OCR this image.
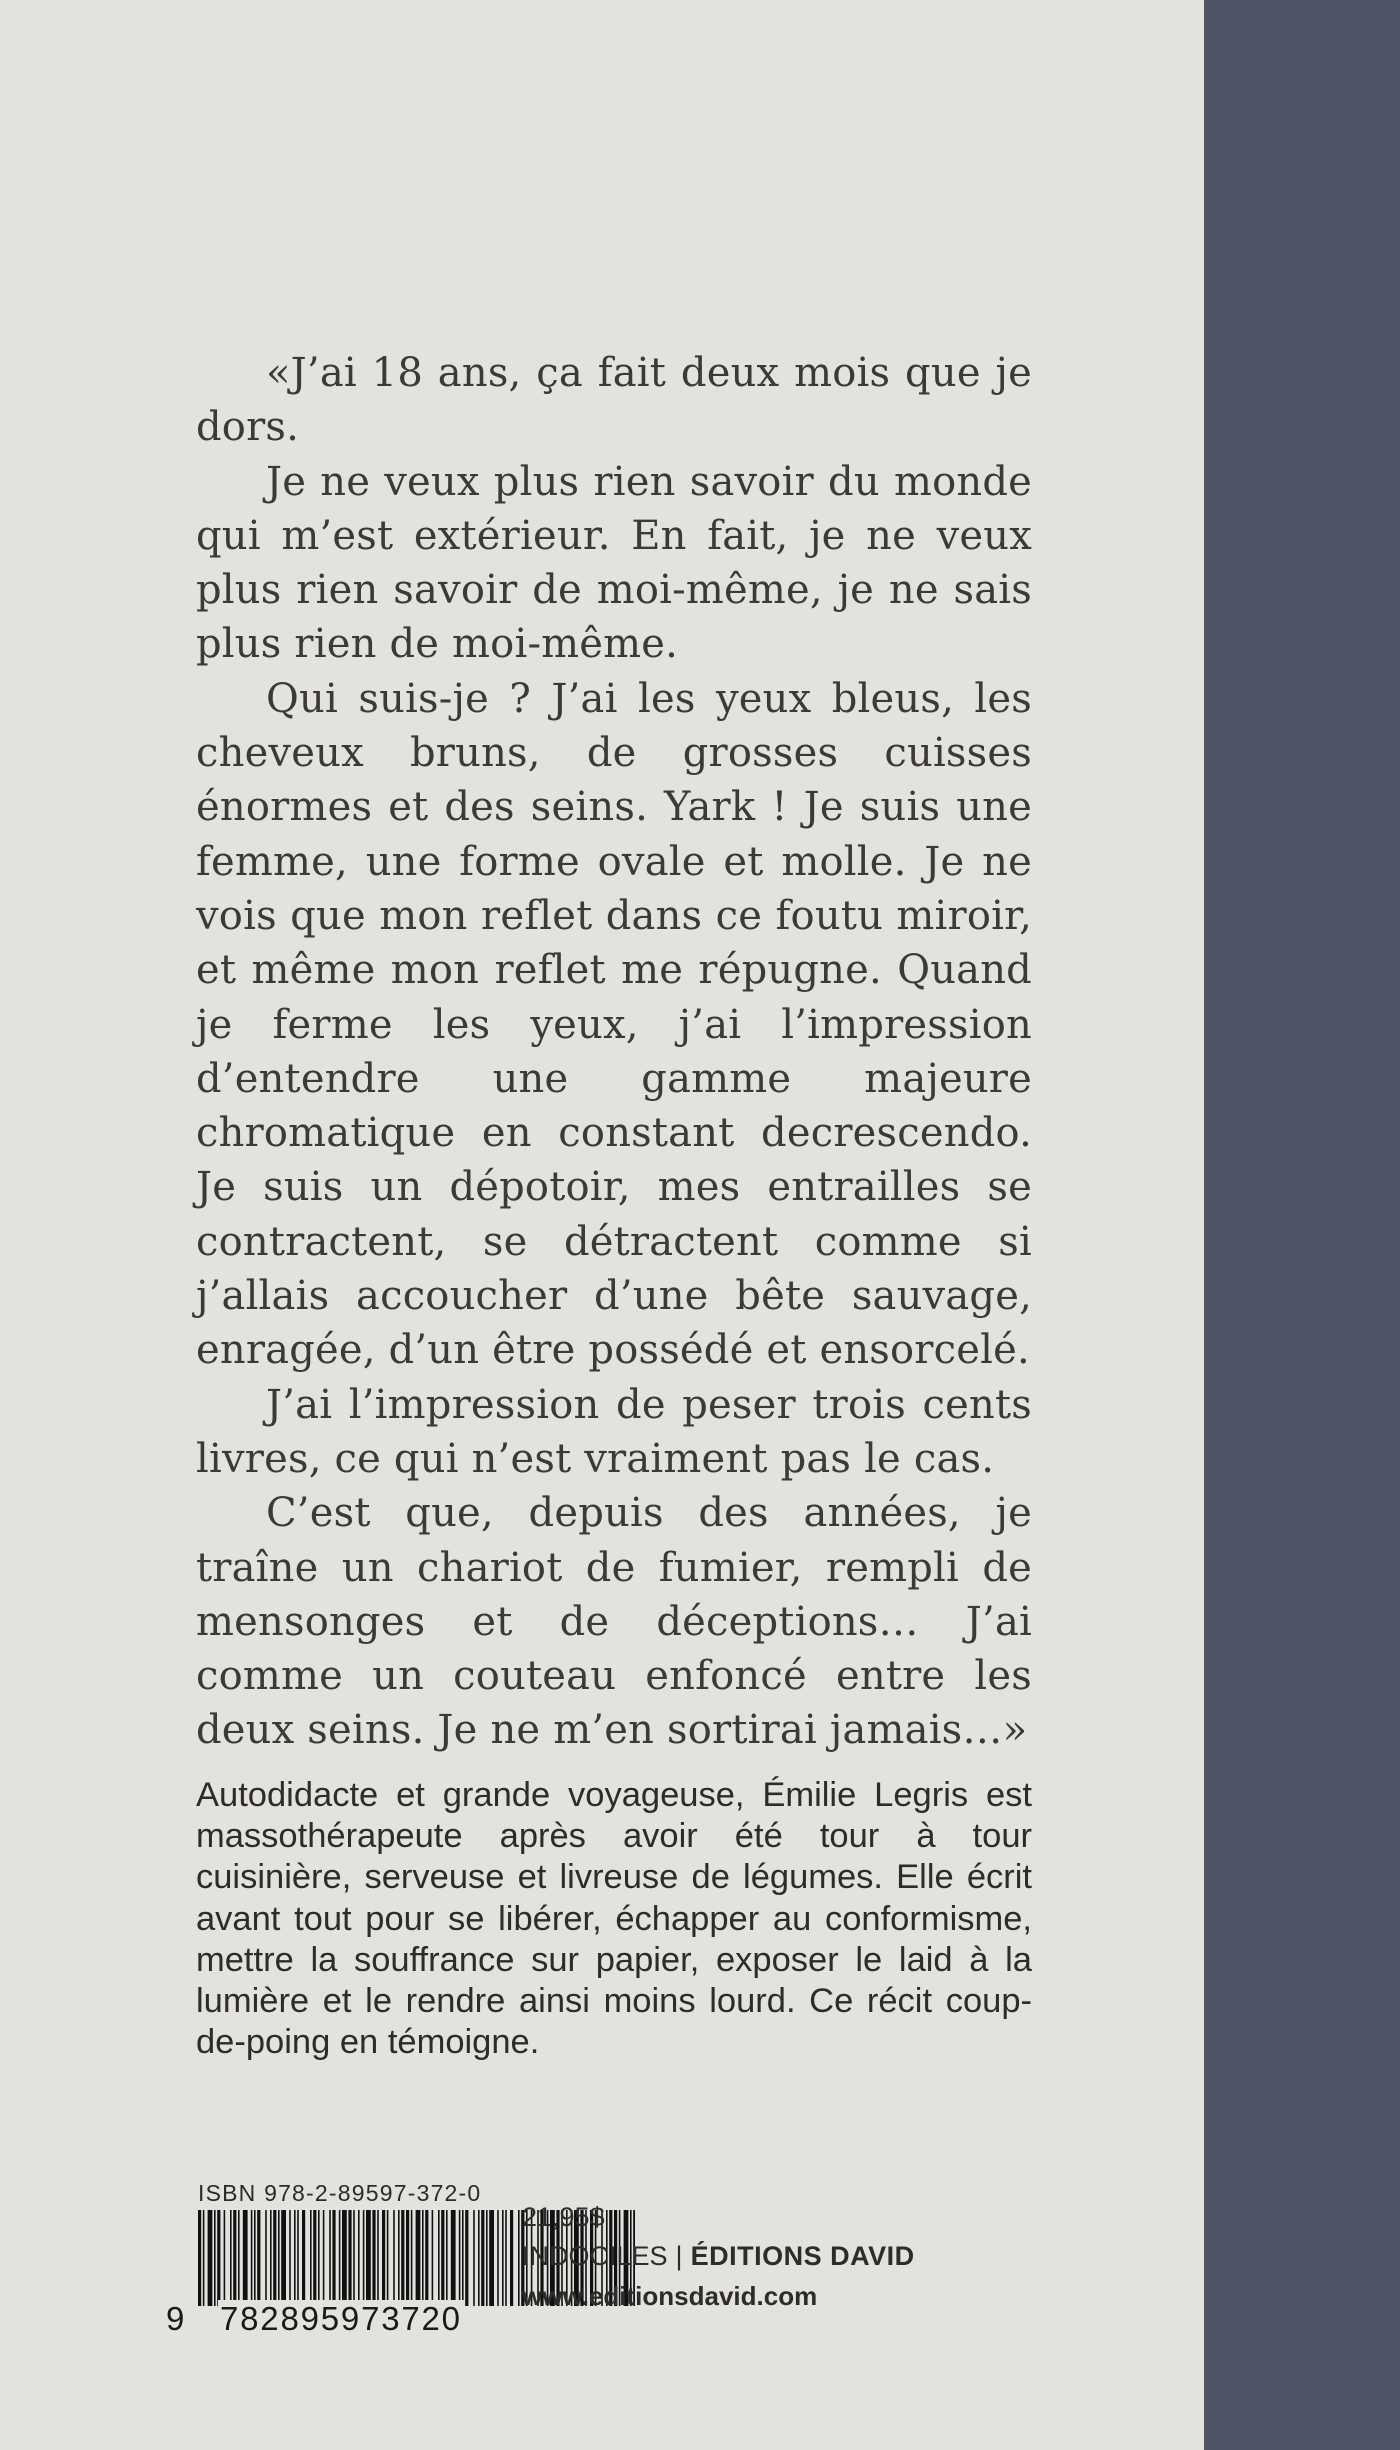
«J’ai 18 ans, ça fait deux mois que je dors.

Je ne veux plus rien savoir du monde qui m’est extérieur. En fait, je ne veux plus rien savoir de moi-même, je ne sais plus rien de moi-même.

Qui suis-je ? J’ai les yeux bleus, les cheveux bruns, de grosses cuisses énormes et des seins. Yark ! Je suis une femme, une forme ovale et molle. Je ne vois que mon reflet dans ce foutu miroir, et même mon reflet me répugne. Quand je ferme les yeux, j’ai l’impression d’entendre une gamme majeure chromatique en constant decrescendo. Je suis un dépotoir, mes entrailles se contractent, se détractent comme si j’allais accoucher d’une bête sauvage, enragée, d’un être possédé et ensorcelé.

J’ai l’impression de peser trois cents livres, ce qui n’est vraiment pas le cas.

C’est que, depuis des années, je traîne un chariot de fumier, rempli de mensonges et de déceptions… J’ai comme un couteau enfoncé entre les deux seins. Je ne m’en sortirai jamais…»

Autodidacte et grande voyageuse, Émilie Legris est massothérapeute après avoir été tour à tour cuisinière, serveuse et livreuse de légumes. Elle écrit avant tout pour se libérer, échapper au conformisme, mettre la souffrance sur papier, exposer le laid à la lumière et le rendre ainsi moins lourd. Ce récit coup-de-poing en témoigne.

ISBN 978-2-89597-372-0
9 782895973720
21,95$
INDOCILES | ÉDITIONS DAVID
www.editionsdavid.com
